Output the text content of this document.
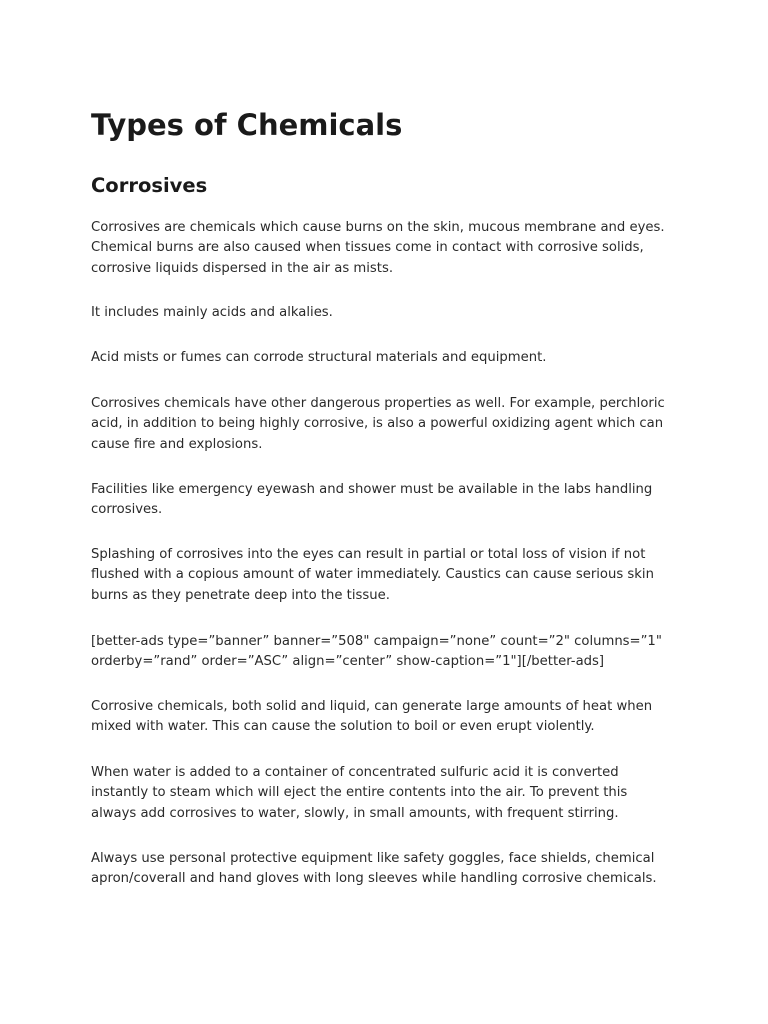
Types of Chemicals
Corrosives

Corrosives are chemicals which cause burns on the skin, mucous membrane and eyes.
Chemical burns are also caused when tissues come in contact with corrosive solids,
corrosive liquids dispersed in the air as mists.

It includes mainly acids and alkalies.

Acid mists or fumes can corrode structural materials and equipment.

Corrosives chemicals have other dangerous properties as well. For example, perchloric
acid, in addition to being highly corrosive, is also a powerful oxidizing agent which can
cause fire and explosions.

Facilities like emergency eyewash and shower must be available in the labs handling
corrosives.

Splashing of corrosives into the eyes can result in partial or total loss of vision if not
flushed with a copious amount of water immediately. Caustics can cause serious skin
burns as they penetrate deep into the tissue.

[better-ads type=”banner” banner=”508" campaign=”none” count=”2" columns=”1"
orderby=”rand” order=”ASC” align=”center” show-caption=”1"][/better-ads]

Corrosive chemicals, both solid and liquid, can generate large amounts of heat when
mixed with water. This can cause the solution to boil or even erupt violently.

When water is added to a container of concentrated sulfuric acid it is converted
instantly to steam which will eject the entire contents into the air. To prevent this
always add corrosives to water, slowly, in small amounts, with frequent stirring.

Always use personal protective equipment like safety goggles, face shields, chemical
apron/coverall and hand gloves with long sleeves while handling corrosive chemicals.
